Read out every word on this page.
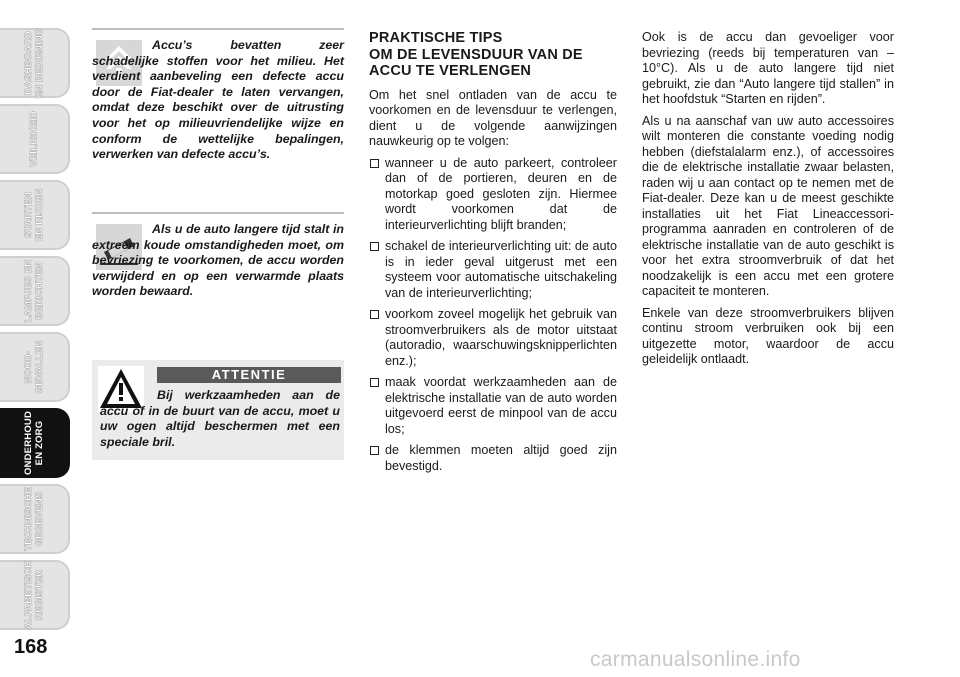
DASHBOARD
EN BEDIENING
VEILIGHEID
STARTEN
EN RIJDEN
LAMPJES EN
BERICHTEN
NOOD-
GEVALLEN
ONDERHOUD
EN ZORG
TECHNISCHE
GEGEVENS
ALFABETISCH
REGISTER
168

Accu’s bevatten zeer schadelijke stoffen voor het milieu. Het verdient aanbeveling een defecte accu door de Fiat-dealer te laten vervangen, omdat deze beschikt over de uitrusting voor het op milieuvriendelijke wijze en conform de wettelijke bepalingen, verwerken van defecte accu’s.

Als u de auto langere tijd stalt in extreem koude omstandigheden moet, om bevriezing te voorkomen, de accu worden verwijderd en op een verwarmde plaats worden bewaard.

Bij werkzaamheden aan de accu of in de buurt van de accu, moet u uw ogen altijd beschermen met een speciale bril.

ATTENTIE
PRAKTISCHE TIPS
OM DE LEVENSDUUR VAN DE ACCU TE VERLENGEN

Om het snel ontladen van de accu te voorkomen en de levensduur te verlengen, dient u de volgende aanwijzingen nauwkeurig op te volgen:

wanneer u de auto parkeert, controleer dan of de portieren, deuren en de motorkap goed gesloten zijn. Hiermee wordt voorkomen dat de interieurverlichting blijft branden;
schakel de interieurverlichting uit: de auto is in ieder geval uitgerust met een systeem voor automatische uitschakeling van de interieurverlichting;
voorkom zoveel mogelijk het gebruik van stroomverbruikers als de motor uitstaat (autoradio, waarschuwingsknipperlichten enz.);
maak voordat werkzaamheden aan de elektrische installatie van de auto worden uitgevoerd eerst de minpool van de accu los;
de klemmen moeten altijd goed zijn bevestigd.

Ook is de accu dan gevoeliger voor bevriezing (reeds bij temperaturen van –10°C). Als u de auto langere tijd niet gebruikt, zie dan “Auto langere tijd stallen” in het hoofdstuk “Starten en rijden”.

Als u na aanschaf van uw auto accessoires wilt monteren die constante voeding nodig hebben (diefstalalarm enz.), of accessoires die de elektrische installatie zwaar belasten, raden wij u aan contact op te nemen met de Fiat-dealer. Deze kan u de meest geschikte installaties uit het Fiat Lineaccessori-programma aanraden en controleren of de elektrische installatie van de auto geschikt is voor het extra stroomverbruik of dat het noodzakelijk is een accu met een grotere capaciteit te monteren.

Enkele van deze stroomverbruikers blijven continu stroom verbruiken ook bij een uitgezette motor, waardoor de accu geleidelijk ontlaadt.

carmanualsonline.info
